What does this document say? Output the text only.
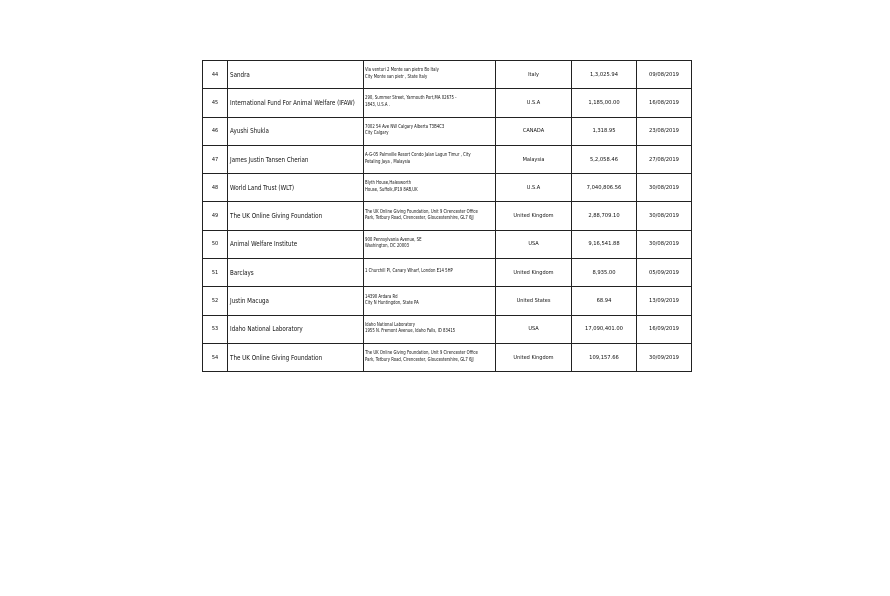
44	Sandra	Via venturi 2 Monte san pietro Bo Italy
City Monte san pietr , State Italy	Italy	1,3,025.94	09/08/2019
45	International Fund For Animal Welfare (IFAW)	290, Summer Street, Yarmouth Port,MA 02675 -
1843, U.S.A .	U.S.A	1,185,00.00	16/08/2019
46	Ayushi Shukla	7002 54 Ave NW Calgary Alberta T3B4C3
City Calgary	CANADA	1,318.95	23/08/2019
47	James Justin Tansen Cherian	A-G-05 Palmville Resort Condo Jalan Lagun Timur , City
Petaling Jaya , Malaysia	Malaysia	5,2,058.46	27/08/2019
48	World Land Trust (WLT)	Blyth House,Halesworth
House, Suffolk,IP19 8AB,UK	U.S.A	7,040,806.56	30/08/2019
49	The UK Online Giving Foundation	The UK Online Giving Foundation, Unit 9 Cirencester Office
Park, Tetbury Road, Cirencester, Gloucestershire, GL7 6JJ	United Kingdom	2,88,709.10	30/08/2019
50	Animal Welfare Institute	900 Pennsylvania Avenue, SE
Washington, DC 20003	USA	9,16,541.88	30/08/2019
51	Barclays	1 Churchill Pl, Canary Wharf, London E14 5HP	United Kingdom	8,935.00	05/09/2019
52	Justin Macuga	14390 Ardara Rd
City N Huntingdon, State PA	United States	68.94	13/09/2019
53	Idaho National Laboratory	Idaho National Laboratory
1955 N. Fremont Avenue, Idaho Falls, ID 83415	USA	17,090,401.00	16/09/2019
54	The UK Online Giving Foundation	The UK Online Giving Foundation, Unit 9 Cirencester Office
Park, Tetbury Road, Cirencester, Gloucestershire, GL7 6JJ	United Kingdom	109,157.66	30/09/2019
